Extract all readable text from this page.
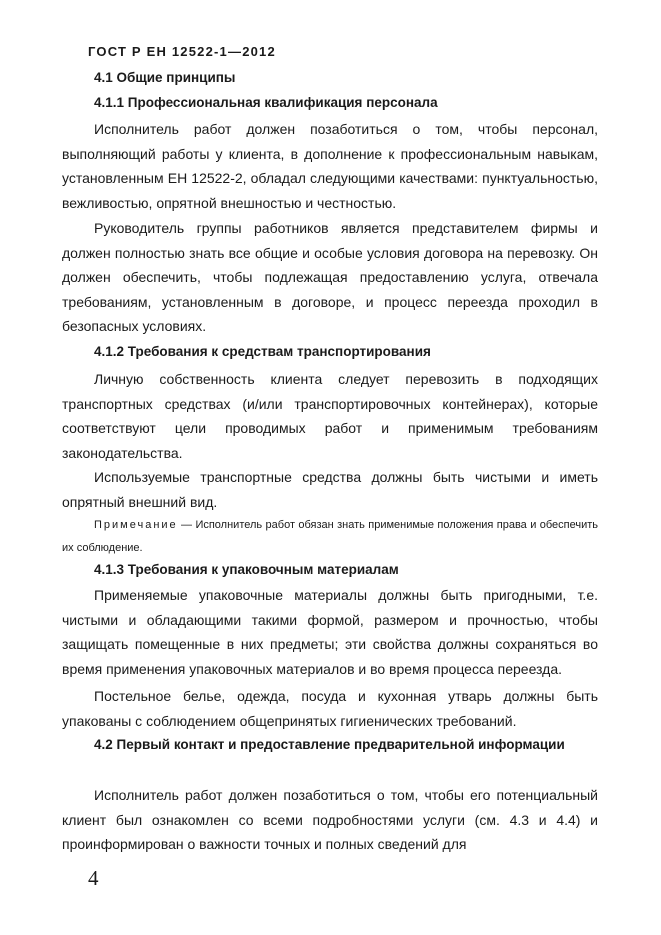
ГОСТ Р ЕН 12522-1—2012
4.1 Общие принципы
4.1.1 Профессиональная квалификация персонала
Исполнитель работ должен позаботиться о том, чтобы персонал, выполняющий работы у клиента, в дополнение к профессиональным навыкам, установленным ЕН 12522-2, обладал следующими качествами: пунктуальностью, вежливостью, опрятной внешностью и честностью.
Руководитель группы работников является представителем фирмы и должен полностью знать все общие и особые условия договора на перевозку. Он должен обеспечить, чтобы подлежащая предоставлению услуга, отвечала требованиям, установленным в договоре, и процесс переезда проходил в безопасных условиях.
4.1.2 Требования к средствам транспортирования
Личную собственность клиента следует перевозить в подходящих транспортных средствах (и/или транспортировочных контейнерах), которые соответствуют цели проводимых работ и применимым требованиям законодательства.
Используемые транспортные средства должны быть чистыми и иметь опрятный внешний вид.
Примечание — Исполнитель работ обязан знать применимые положения права и обеспечить их соблюдение.
4.1.3 Требования к упаковочным материалам
Применяемые упаковочные материалы должны быть пригодными, т.е. чистыми и обладающими такими формой, размером и прочностью, чтобы защищать помещенные в них предметы; эти свойства должны сохраняться во время применения упаковочных материалов и во время процесса переезда.
Постельное белье, одежда, посуда и кухонная утварь должны быть упакованы с соблюдением общепринятых гигиенических требований.
4.2 Первый контакт и предоставление предварительной информации
Исполнитель работ должен позаботиться о том, чтобы его потенциальный клиент был ознакомлен со всеми подробностями услуги (см. 4.3 и 4.4) и проинформирован о важности точных и полных сведений для
4
